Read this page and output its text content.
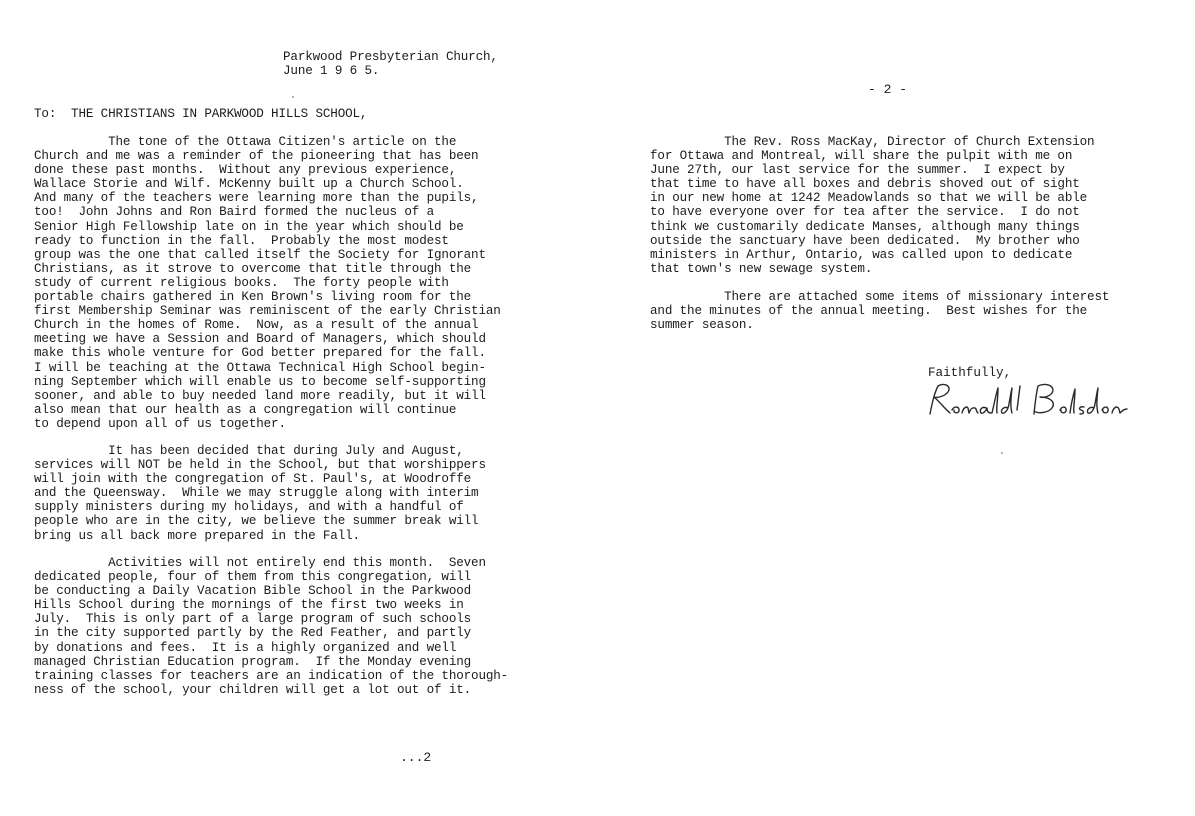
Parkwood Presbyterian Church,
June 1 9 6 5.
To:  THE CHRISTIANS IN PARKWOOD HILLS SCHOOL,
The tone of the Ottawa Citizen's article on the
Church and me was a reminder of the pioneering that has been
done these past months.  Without any previous experience,
Wallace Storie and Wilf. McKenny built up a Church School.
And many of the teachers were learning more than the pupils,
too!  John Johns and Ron Baird formed the nucleus of a
Senior High Fellowship late on in the year which should be
ready to function in the fall.  Probably the most modest
group was the one that called itself the Society for Ignorant
Christians, as it strove to overcome that title through the
study of current religious books.  The forty people with
portable chairs gathered in Ken Brown's living room for the
first Membership Seminar was reminiscent of the early Christian
Church in the homes of Rome.  Now, as a result of the annual
meeting we have a Session and Board of Managers, which should
make this whole venture for God better prepared for the fall.
I will be teaching at the Ottawa Technical High School begin-
ning September which will enable us to become self-supporting
sooner, and able to buy needed land more readily, but it will
also mean that our health as a congregation will continue
to depend upon all of us together.
It has been decided that during July and August,
services will NOT be held in the School, but that worshippers
will join with the congregation of St. Paul's, at Woodroffe
and the Queensway.  While we may struggle along with interim
supply ministers during my holidays, and with a handful of
people who are in the city, we believe the summer break will
bring us all back more prepared in the Fall.
Activities will not entirely end this month.  Seven
dedicated people, four of them from this congregation, will
be conducting a Daily Vacation Bible School in the Parkwood
Hills School during the mornings of the first two weeks in
July.  This is only part of a large program of such schools
in the city supported partly by the Red Feather, and partly
by donations and fees.  It is a highly organized and well
managed Christian Education program.  If the Monday evening
training classes for teachers are an indication of the thorough-
ness of the school, your children will get a lot out of it.
...2
- 2 -
The Rev. Ross MacKay, Director of Church Extension
for Ottawa and Montreal, will share the pulpit with me on
June 27th, our last service for the summer.  I expect by
that time to have all boxes and debris shoved out of sight
in our new home at 1242 Meadowlands so that we will be able
to have everyone over for tea after the service.  I do not
think we customarily dedicate Manses, although many things
outside the sanctuary have been dedicated.  My brother who
ministers in Arthur, Ontario, was called upon to dedicate
that town's new sewage system.
There are attached some items of missionary interest
and the minutes of the annual meeting.  Best wishes for the
summer season.
Faithfully,
